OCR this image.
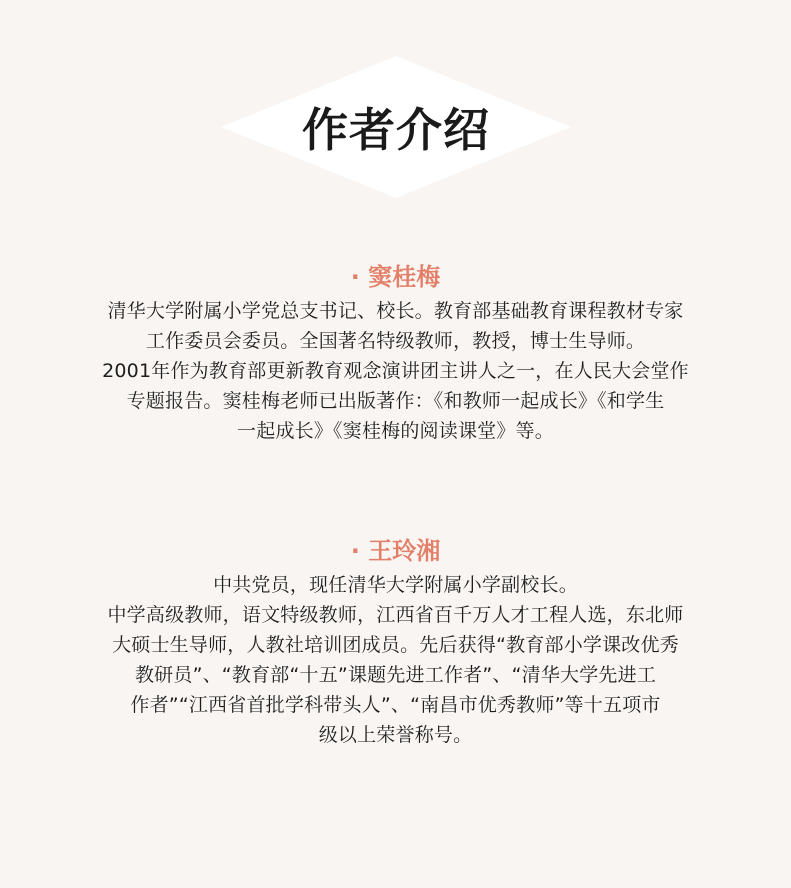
作者介绍
· 窦桂梅
清华大学附属小学党总支书记、校长。教育部基础教育课程教材专家
工作委员会委员。全国著名特级教师，教授，博士生导师。
2001年作为教育部更新教育观念演讲团主讲人之一，在人民大会堂作
专题报告。窦桂梅老师已出版著作：《和教师一起成长》《和学生
一起成长》《窦桂梅的阅读课堂》等。
· 王玲湘
中共党员，现任清华大学附属小学副校长。
中学高级教师，语文特级教师，江西省百千万人才工程人选，东北师
大硕士生导师，人教社培训团成员。先后获得“教育部小学课改优秀
教研员”、“教育部“十五”课题先进工作者”、“清华大学先进工
作者”“江西省首批学科带头人”、“南昌市优秀教师”等十五项市
级以上荣誉称号。
